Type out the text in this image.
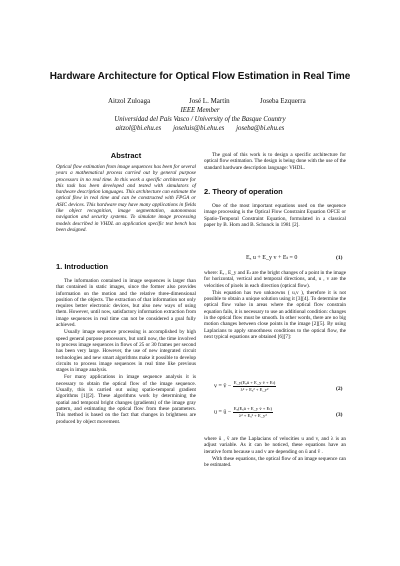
Hardware Architecture for Optical Flow Estimation in Real Time
Aitzol Zuloaga	José L. Martín	Joseba Ezquerra
IEEE Member
Universidad del País Vasco / University of the Basque Country
aitzol@bi.ehu.es joseluis@bi.ehu.es joseba@bi.ehu.es
Abstract

Optical flow estimation from image sequences has been for several years a mathematical process carried out by general purpose processors in no real time. In this work a specific architecture for this task has been developed and tested with simulators of hardware description languages. This architecture can estimate the optical flow in real time and can be constructed with FPGA or ASIC devices. This hardware may have many applications in fields like object recognition, image segmentation, autonomous navigation and security systems. To simulate image processing models described in VHDL an application specific test bench has been designed.

1. Introduction

The information contained in image sequences is larger than that contained in static images, since the former also provides information on the motion and the relative three-dimensional position of the objects. The extraction of that information not only requires better electronic devices, but also new ways of using them. However, until now, satisfactory information extraction from image sequences in real time can not be considered a goal fully achieved.

Usually image sequence processing is accomplished by high speed general purpose processors, but until now, the time involved to process image sequences in flows of 25 or 30 frames per second has been very large. However, the use of new integrated circuit technologies and new smart algorithms make it possible to develop circuits to process image sequences in real time like previous stages in image analysis.

For many applications in image sequence analysis it is necessary to obtain the optical flow of the image sequence. Usually, this is carried out using spatio-temporal gradient algorithms [1][2]. These algorithms work by determining the spatial and temporal bright changes (gradients) of the image gray pattern, and estimating the optical flow from these parameters. This method is based on the fact that changes in brightness are produced by object movement.

The goal of this work is to design a specific architecture for optical flow estimation. The design is being done with the use of the standard hardware description language: VHDL.

2. Theory of operation

One of the most important equations used on the sequence image processing is the Optical Flow Constraint Equation OFCE or Spatio-Temporal Constraint Equation, formulated in a classical paper by B. Horn and B. Schunck in 1981 [2].

Eₓ u + E_y v + Eₜ = 0	(1)

where: Eₓ , E_y and Eₜ are the bright changes of a point in the image for horizontal, vertical and temporal directions, and, u , v are the velocities of pixels in each direction (optical flow).

This equation has two unknowns ( u,v ), therefore it is not possible to obtain a unique solution using it [3][4]. To determine the optical flow value in areas where the optical flow constrain equation fails, it is necessary to use an additional condition: changes in the optical flow must be smooth. In other words, there are no big motion changes between close points in the image [2][5]. By using Laplacians to apply smoothness conditions to the optical flow, the next typical equations are obtained [6][7]:

v = v̄ − $\frac{\text{E\_y(Eₓū + E\_y v̄ + Eₜ)}}{\text{λ² + Eₓ² + E\_y²}}$	(2)
u = ū − $\frac{\text{Eₓ(Eₓū + E\_y v̄ + Eₜ)}}{\text{λ² + Eₓ² + E\_y²}}$	(3)

where ū , v̄ are the Laplacians of velocities u and v, and λ is an adjust variable. As it can be noticed, these equations have an iterative form because u and v are depending on ū and v̄ .

With these equations, the optical flow of an image sequence can be estimated.
